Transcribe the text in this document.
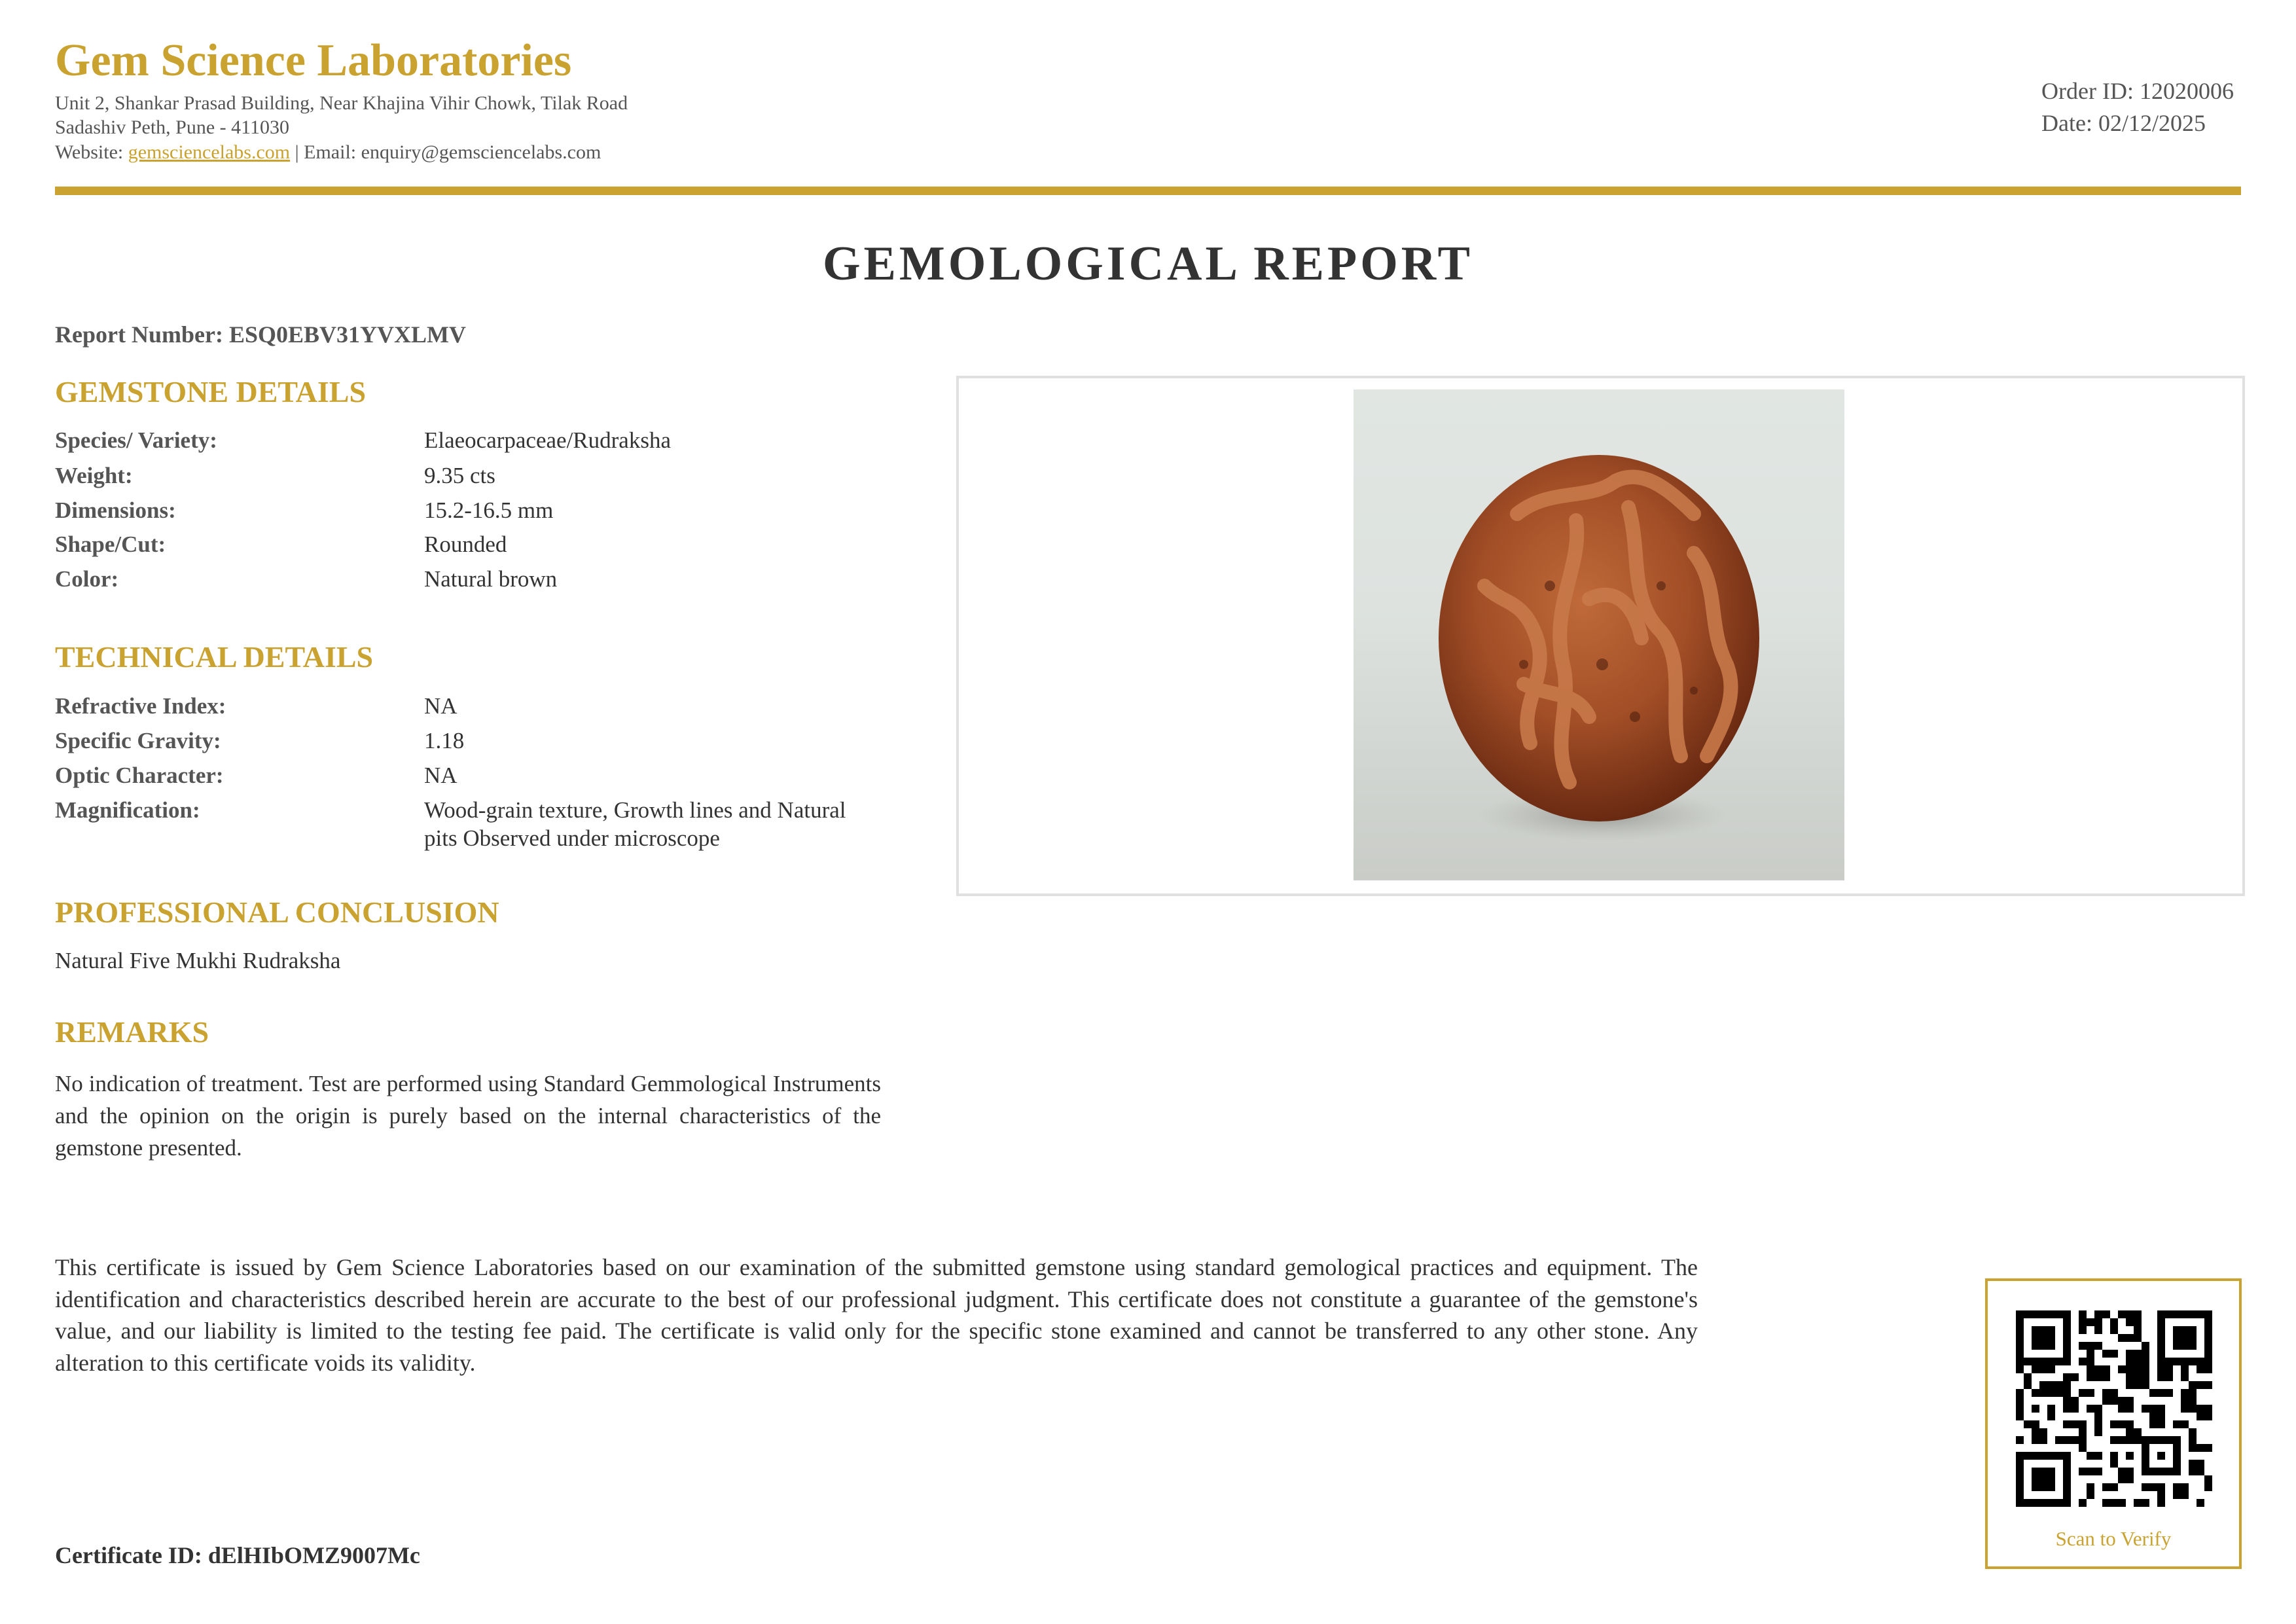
Gem Science Laboratories
Unit 2, Shankar Prasad Building, Near Khajina Vihir Chowk, Tilak Road
Sadashiv Peth, Pune - 411030
Website: gemsciencelabs.com | Email: enquiry@gemsciencelabs.com
Order ID: 12020006
Date: 02/12/2025
GEMOLOGICAL REPORT
Report Number: ESQ0EBV31YVXLMV
GEMSTONE DETAILS
Species/ Variety:	Elaeocarpaceae/Rudraksha
Weight:	9.35 cts
Dimensions:	15.2-16.5 mm
Shape/Cut:	Rounded
Color:	Natural brown
TECHNICAL DETAILS
Refractive Index:	NA
Specific Gravity:	1.18
Optic Character:	NA
Magnification:	Wood-grain texture, Growth lines and Natural
pits Observed under microscope
PROFESSIONAL CONCLUSION
Natural Five Mukhi Rudraksha
REMARKS
No indication of treatment. Test are performed using Standard Gemmological Instruments and the opinion on the origin is purely based on the internal characteristics of the gemstone presented.
This certificate is issued by Gem Science Laboratories based on our examination of the submitted gemstone using standard gemological practices and equipment. The identification and characteristics described herein are accurate to the best of our professional judgment. This certificate does not constitute a guarantee of the gemstone's value, and our liability is limited to the testing fee paid. The certificate is valid only for the specific stone examined and cannot be transferred to any other stone. Any alteration to this certificate voids its validity.
Certificate ID: dElHIbOMZ9007Mc
Scan to Verify
